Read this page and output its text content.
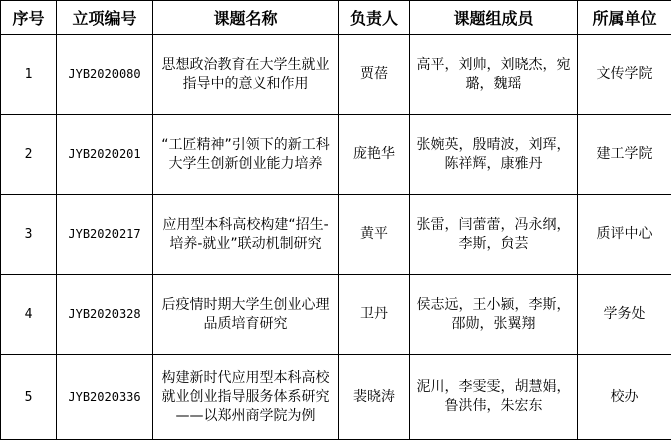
序号	立项编号	课题名称	负责人	课题组成员	所属单位
1	JYB2020080	思想政治教育在大学生就业指导中的意义和作用	贾蓓	高平，刘帅，刘晓杰，宛璐，魏瑶	文传学院
2	JYB2020201	“工匠精神”引领下的新工科大学生创新创业能力培养	庞艳华	张婉英，殷晴波，刘珲，陈祥辉，康雅丹	建工学院
3	JYB2020217	应用型本科高校构建“招生-培养-就业”联动机制研究	黄平	张雷，闫蕾蕾，冯永纲，李斯，贠芸	质评中心
4	JYB2020328	后疫情时期大学生创业心理品质培育研究	卫丹	侯志远，王小颍，李斯，邵勋，张翼翔	学务处
5	JYB2020336	构建新时代应用型本科高校就业创业指导服务体系研究——以郑州商学院为例	裴晓涛	泥川，李雯雯，胡慧娟，鲁洪伟，朱宏东	校办
